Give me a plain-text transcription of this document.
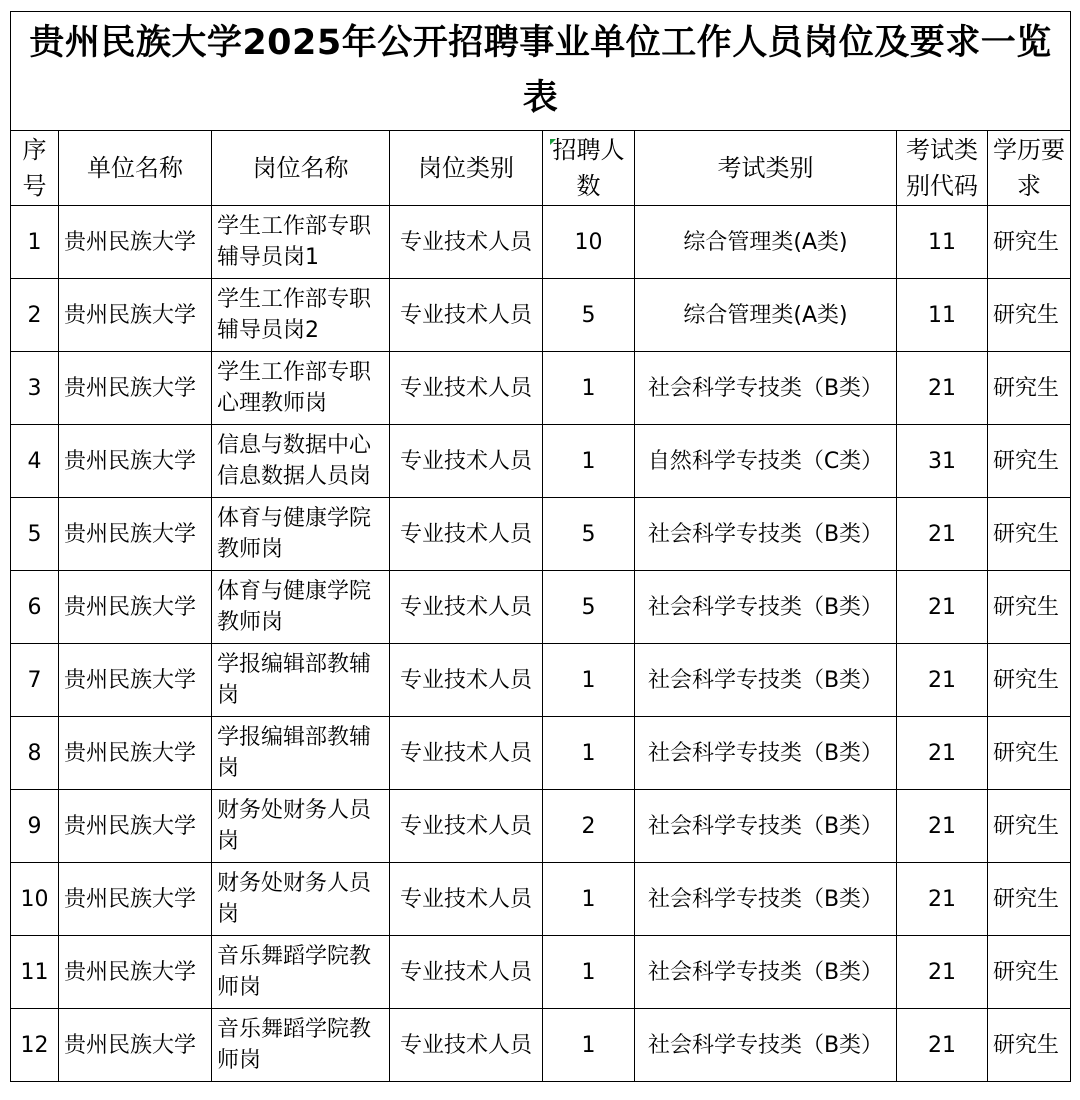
贵州民族大学2025年公开招聘事业单位工作人员岗位及要求一览表							

序号	单位名称	岗位名称	岗位类别	招聘人数	考试类别	考试类别代码	学历要求
1	贵州民族大学	学生工作部专职辅导员岗1	专业技术人员	10	综合管理类(A类)	11	研究生
2	贵州民族大学	学生工作部专职辅导员岗2	专业技术人员	5	综合管理类(A类)	11	研究生
3	贵州民族大学	学生工作部专职心理教师岗	专业技术人员	1	社会科学专技类（B类）	21	研究生
4	贵州民族大学	信息与数据中心信息数据人员岗	专业技术人员	1	自然科学专技类（C类）	31	研究生
5	贵州民族大学	体育与健康学院教师岗	专业技术人员	5	社会科学专技类（B类）	21	研究生
6	贵州民族大学	体育与健康学院教师岗	专业技术人员	5	社会科学专技类（B类）	21	研究生
7	贵州民族大学	学报编辑部教辅岗	专业技术人员	1	社会科学专技类（B类）	21	研究生
8	贵州民族大学	学报编辑部教辅岗	专业技术人员	1	社会科学专技类（B类）	21	研究生
9	贵州民族大学	财务处财务人员岗	专业技术人员	2	社会科学专技类（B类）	21	研究生
10	贵州民族大学	财务处财务人员岗	专业技术人员	1	社会科学专技类（B类）	21	研究生
11	贵州民族大学	音乐舞蹈学院教师岗	专业技术人员	1	社会科学专技类（B类）	21	研究生
12	贵州民族大学	音乐舞蹈学院教师岗	专业技术人员	1	社会科学专技类（B类）	21	研究生
